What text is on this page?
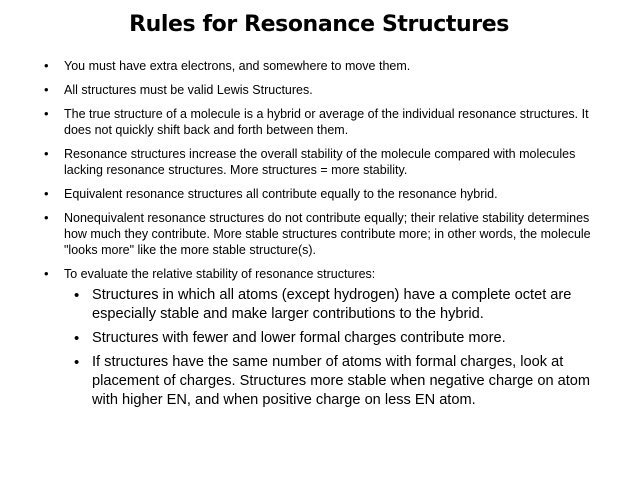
Rules for Resonance Structures
• You must have extra electrons, and somewhere to move them.
• All structures must be valid Lewis Structures.
• The true structure of a molecule is a hybrid or average of the individual resonance structures. It does not quickly shift back and forth between them.
• Resonance structures increase the overall stability of the molecule compared with molecules lacking resonance structures. More structures = more stability.
• Equivalent resonance structures all contribute equally to the resonance hybrid.
• Nonequivalent resonance structures do not contribute equally; their relative stability determines how much they contribute. More stable structures contribute more; in other words, the molecule "looks more" like the more stable structure(s).
• To evaluate the relative stability of resonance structures:
• Structures in which all atoms (except hydrogen) have a complete octet are especially stable and make larger contributions to the hybrid.
• Structures with fewer and lower formal charges contribute more.
• If structures have the same number of atoms with formal charges, look at placement of charges. Structures more stable when negative charge on atom with higher EN, and when positive charge on less EN atom.
